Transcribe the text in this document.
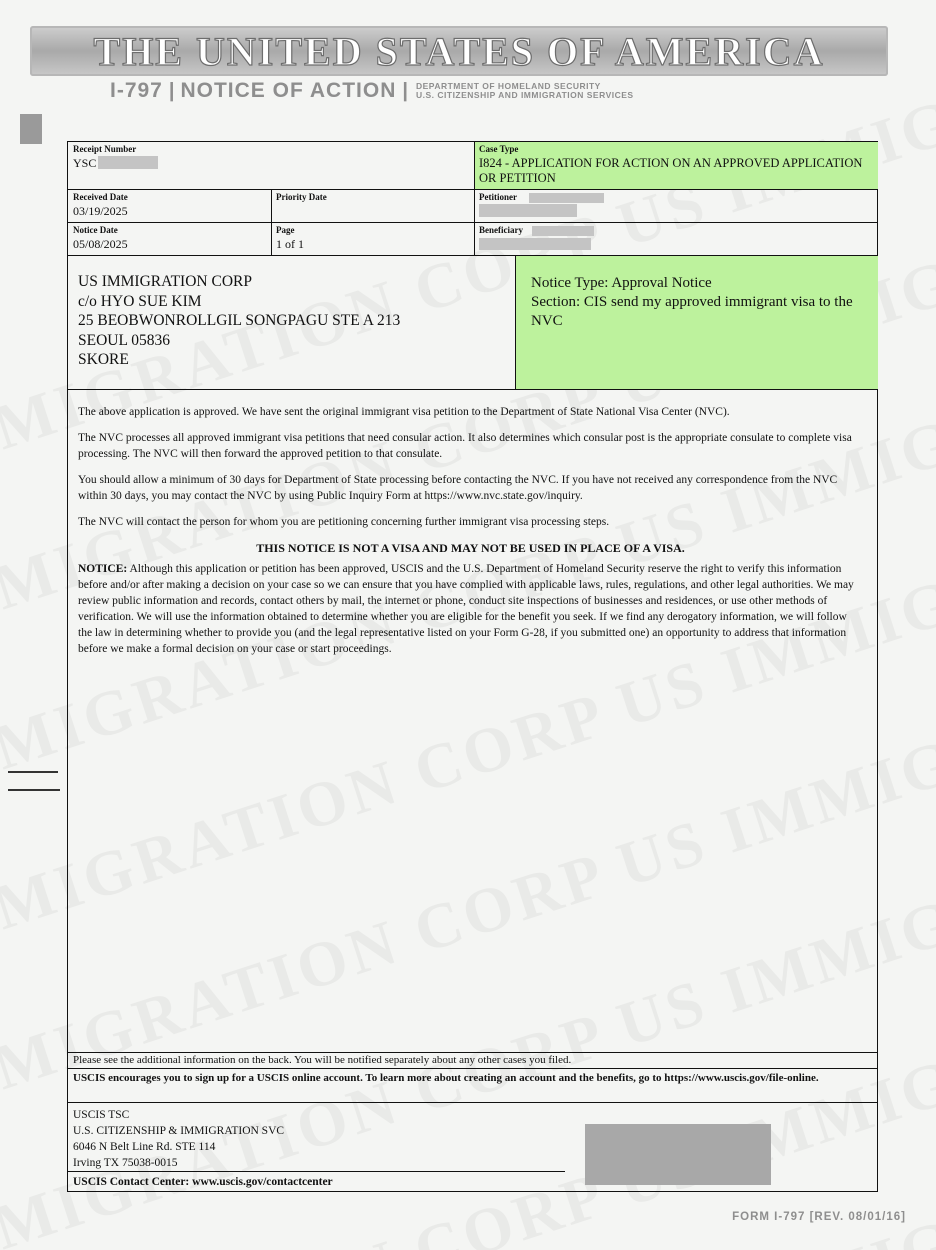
THE UNITED STATES OF AMERICA
I-797 | NOTICE OF ACTION | DEPARTMENT OF HOMELAND SECURITY
U.S. CITIZENSHIP AND IMMIGRATION SERVICES
Receipt Number
YSC
Case Type
I824 - APPLICATION FOR ACTION ON AN APPROVED APPLICATION OR PETITION
Received Date
03/19/2025
Priority Date	Petitioner
Notice Date
05/08/2025
Page
1 of 1
Beneficiary
US IMMIGRATION CORP
c/o HYO SUE KIM
25 BEOBWONROLLGIL SONGPAGU STE A 213
SEOUL 05836
SKORE
Notice Type: Approval Notice
Section: CIS send my approved immigrant visa to the NVC

The above application is approved. We have sent the original immigrant visa petition to the Department of State National Visa Center (NVC).

The NVC processes all approved immigrant visa petitions that need consular action. It also determines which consular post is the appropriate consulate to complete visa processing. The NVC will then forward the approved petition to that consulate.

You should allow a minimum of 30 days for Department of State processing before contacting the NVC. If you have not received any correspondence from the NVC within 30 days, you may contact the NVC by using Public Inquiry Form at https://www.nvc.state.gov/inquiry.

The NVC will contact the person for whom you are petitioning concerning further immigrant visa processing steps.

THIS NOTICE IS NOT A VISA AND MAY NOT BE USED IN PLACE OF A VISA.

NOTICE: Although this application or petition has been approved, USCIS and the U.S. Department of Homeland Security reserve the right to verify this information before and/or after making a decision on your case so we can ensure that you have complied with applicable laws, rules, regulations, and other legal authorities. We may review public information and records, contact others by mail, the internet or phone, conduct site inspections of businesses and residences, or use other methods of verification. We will use the information obtained to determine whether you are eligible for the benefit you seek. If we find any derogatory information, we will follow the law in determining whether to provide you (and the legal representative listed on your Form G-28, if you submitted one) an opportunity to address that information before we make a formal decision on your case or start proceedings.

Please see the additional information on the back. You will be notified separately about any other cases you filed.
USCIS encourages you to sign up for a USCIS online account. To learn more about creating an account and the benefits, go to https://www.uscis.gov/file-online.
USCIS TSC
U.S. CITIZENSHIP & IMMIGRATION SVC
6046 N Belt Line Rd. STE 114
Irving TX 75038-0015
USCIS Contact Center: www.uscis.gov/contactcenter
FORM I-797 [REV. 08/01/16]
